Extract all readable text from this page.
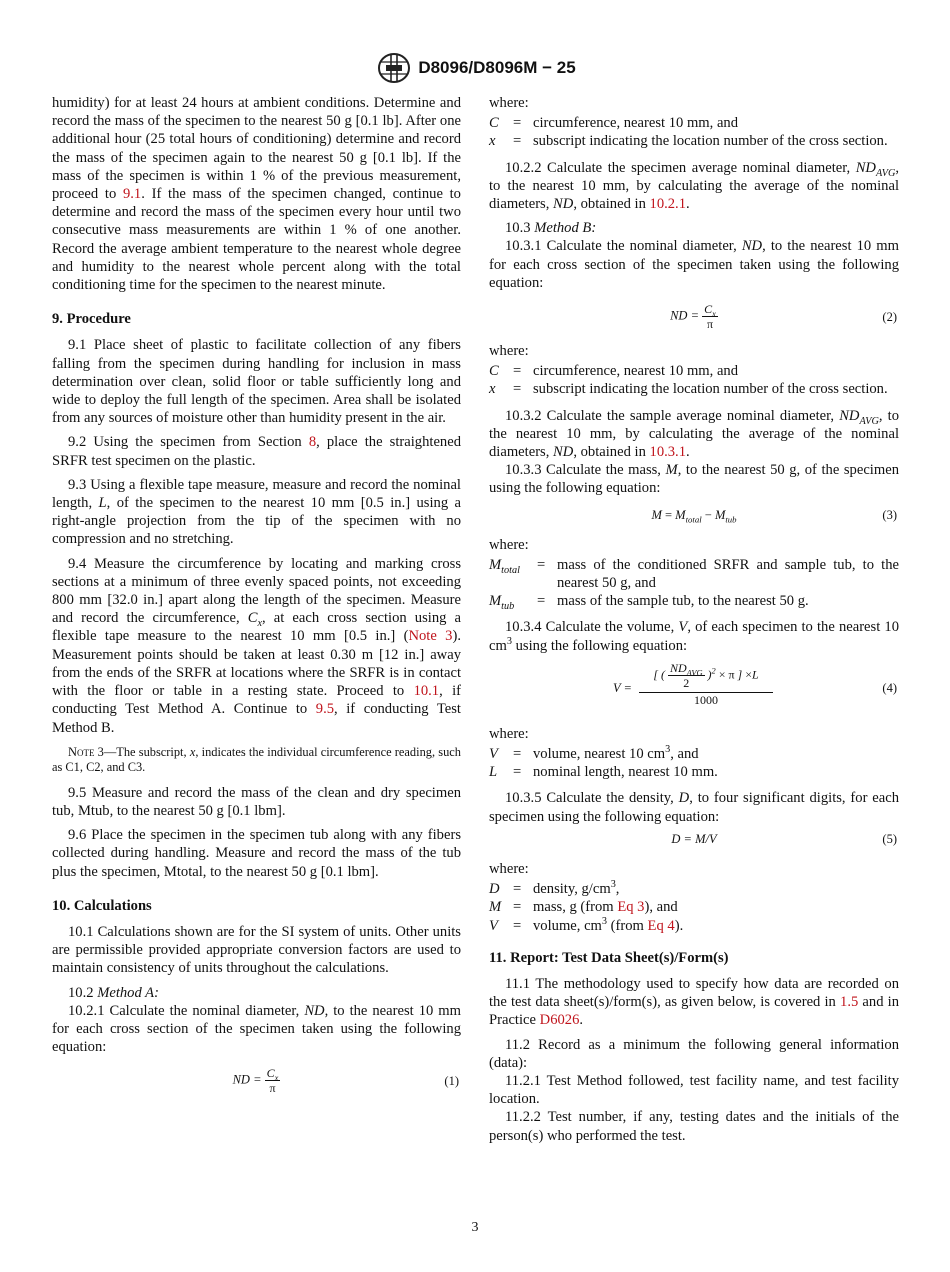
D8096/D8096M − 25

humidity) for at least 24 hours at ambient conditions. Determine and record the mass of the specimen to the nearest 50 g [0.1 lb]. After one additional hour (25 total hours of conditioning) determine and record the mass of the specimen again to the nearest 50 g [0.1 lb]. If the mass of the specimen is within 1 % of the previous measurement, proceed to 9.1. If the mass of the specimen changed, continue to determine and record the mass of the specimen every hour until two consecutive mass measurements are within 1 % of one another. Record the average ambient temperature to the nearest whole degree and humidity to the nearest whole percent along with the total conditioning time for the specimen to the nearest minute.

9. Procedure

9.1 Place sheet of plastic to facilitate collection of any fibers falling from the specimen during handling for inclusion in mass determination over clean, solid floor or table sufficiently long and wide to deploy the full length of the specimen. Area shall be isolated from any sources of moisture other than humidity present in the air.

9.2 Using the specimen from Section 8, place the straightened SRFR test specimen on the plastic.

9.3 Using a flexible tape measure, measure and record the nominal length, L, of the specimen to the nearest 10 mm [0.5 in.] using a right-angle projection from the tip of the specimen with no compression and no stretching.

9.4 Measure the circumference by locating and marking cross sections at a minimum of three evenly spaced points, not exceeding 800 mm [32.0 in.] apart along the length of the specimen. Measure and record the circumference, $C_x$, at each cross section using a flexible tape measure to the nearest 10 mm [0.5 in.] (Note 3). Measurement points should be taken at least 0.30 m [12 in.] away from the ends of the SRFR at locations where the SRFR is in contact with the floor or table in a resting state. Proceed to 10.1, if conducting Test Method A. Continue to 9.5, if conducting Test Method B.

Note 3—The subscript, x, indicates the individual circumference reading, such as C1, C2, and C3.

9.5 Measure and record the mass of the clean and dry specimen tub, Mtub, to the nearest 50 g [0.1 lbm].

9.6 Place the specimen in the specimen tub along with any fibers collected during handling. Measure and record the mass of the tub plus the specimen, Mtotal, to the nearest 50 g [0.1 lbm].

10. Calculations

10.1 Calculations shown are for the SI system of units. Other units are permissible provided appropriate conversion factors are used to maintain consistency of units throughout the calculations.

10.2 Method A:

10.2.1 Calculate the nominal diameter, ND, to the nearest 10 mm for each cross section of the specimen taken using the following equation:

ND = $\frac{C_x}{\pi}$	(1)
where:
C = circumference, nearest 10 mm, and
x	= subscript indicating the location number of the cross section.

10.2.2 Calculate the specimen average nominal diameter, $ND_{AVG}$, to the nearest 10 mm, by calculating the average of the nominal diameters, ND, obtained in 10.2.1.

10.3 Method B:

10.3.1 Calculate the nominal diameter, ND, to the nearest 10 mm for each cross section of the specimen taken using the following equation:

ND = $\frac{C_x}{\pi}$	(2)
where:
C = circumference, nearest 10 mm, and
x	= subscript indicating the location number of the cross section.

10.3.2 Calculate the sample average nominal diameter, $ND_{AVG}$, to the nearest 10 mm, by calculating the average of the nominal diameters, ND, obtained in 10.3.1.

10.3.3 Calculate the mass, M, to the nearest 50 g, of the specimen using the following equation:

$M = M_{total} - M_{tub}$	(3)
where:
$M_{total}$	= mass of the conditioned SRFR and sample tub, to the nearest 50 g, and
$M_{tub}$	= mass of the sample tub, to the nearest 50 g.

10.3.4 Calculate the volume, V, of each specimen to the nearest 10 $cm^3$ using the following equation:

V =
[ ( $\frac{ND_{AVG}}{2} )^2 \times \pi$ ] ×L
1000
(4)
where:
V	= volume, nearest 10 $cm^3$, and
L	= nominal length, nearest 10 mm.

10.3.5 Calculate the density, D, to four significant digits, for each specimen using the following equation:

D = M/V	(5)
where:
D = density, $g/cm^3$,
M = mass, g (from Eq 3), and
V	= volume, $cm^3$ (from Eq 4).
11. Report: Test Data Sheet(s)/Form(s)

11.1 The methodology used to specify how data are recorded on the test data sheet(s)/form(s), as given below, is covered in 1.5 and in Practice D6026.

11.2 Record as a minimum the following general information (data):

11.2.1 Test Method followed, test facility name, and test facility location.

11.2.2 Test number, if any, testing dates and the initials of the person(s) who performed the test.

3
